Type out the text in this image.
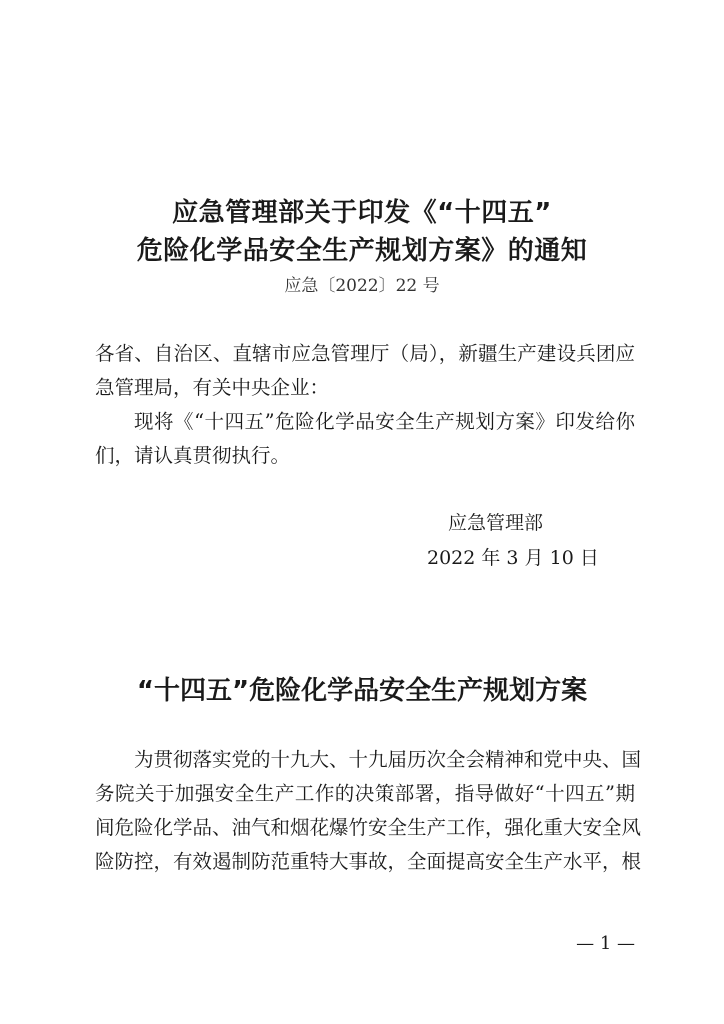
应急管理部关于印发《“十四五”
危险化学品安全生产规划方案》的通知
应急〔2022〕22 号
各省、自治区、直辖市应急管理厅（局），新疆生产建设兵团应
急管理局，有关中央企业：
现将《“十四五”危险化学品安全生产规划方案》印发给你
们，请认真贯彻执行。
应急管理部
2022 年 3 月 10 日
“十四五”危险化学品安全生产规划方案
为贯彻落实党的十九大、十九届历次全会精神和党中央、国
务院关于加强安全生产工作的决策部署，指导做好“十四五”期
间危险化学品、油气和烟花爆竹安全生产工作，强化重大安全风
险防控，有效遏制防范重特大事故，全面提高安全生产水平，根
— 1 —
